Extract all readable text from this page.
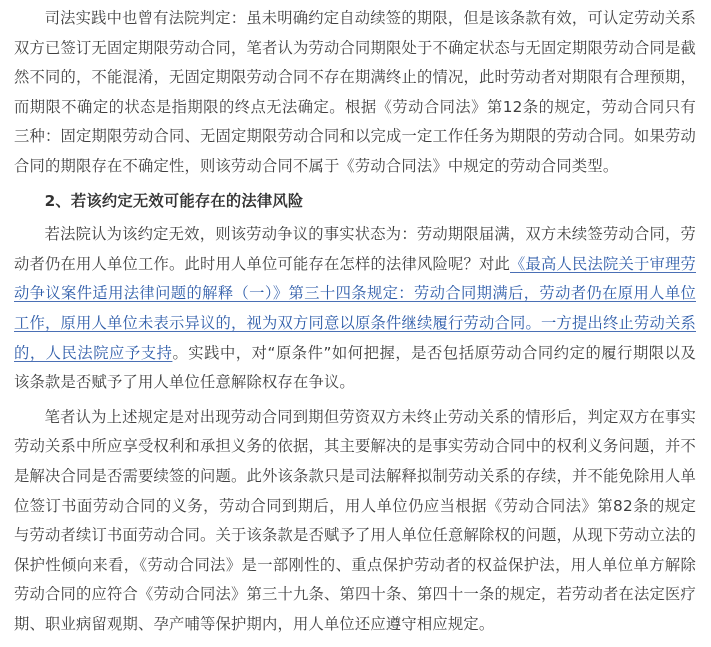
司法实践中也曾有法院判定：虽未明确约定自动续签的期限，但是该条款有效，可认定劳动关系双方已签订无固定期限劳动合同，笔者认为劳动合同期限处于不确定状态与无固定期限劳动合同是截然不同的，不能混淆，无固定期限劳动合同不存在期满终止的情况，此时劳动者对期限有合理预期，而期限不确定的状态是指期限的终点无法确定。根据《劳动合同法》第12条的规定，劳动合同只有三种：固定期限劳动合同、无固定期限劳动合同和以完成一定工作任务为期限的劳动合同。如果劳动合同的期限存在不确定性，则该劳动合同不属于《劳动合同法》中规定的劳动合同类型。

2、若该约定无效可能存在的法律风险

若法院认为该约定无效，则该劳动争议的事实状态为：劳动期限届满，双方未续签劳动合同，劳动者仍在用人单位工作。此时用人单位可能存在怎样的法律风险呢？对此《最高人民法院关于审理劳动争议案件适用法律问题的解释（一）》第三十四条规定：劳动合同期满后，劳动者仍在原用人单位工作，原用人单位未表示异议的，视为双方同意以原条件继续履行劳动合同。一方提出终止劳动关系的，人民法院应予支持。实践中，对“原条件”如何把握，是否包括原劳动合同约定的履行期限以及该条款是否赋予了用人单位任意解除权存在争议。

笔者认为上述规定是对出现劳动合同到期但劳资双方未终止劳动关系的情形后，判定双方在事实劳动关系中所应享受权利和承担义务的依据，其主要解决的是事实劳动合同中的权利义务问题，并不是解决合同是否需要续签的问题。此外该条款只是司法解释拟制劳动关系的存续，并不能免除用人单位签订书面劳动合同的义务，劳动合同到期后，用人单位仍应当根据《劳动合同法》第82条的规定与劳动者续订书面劳动合同。关于该条款是否赋予了用人单位任意解除权的问题，从现下劳动立法的保护性倾向来看，《劳动合同法》是一部刚性的、重点保护劳动者的权益保护法，用人单位单方解除劳动合同的应符合《劳动合同法》第三十九条、第四十条、第四十一条的规定，若劳动者在法定医疗期、职业病留观期、孕产哺等保护期内，用人单位还应遵守相应规定。
